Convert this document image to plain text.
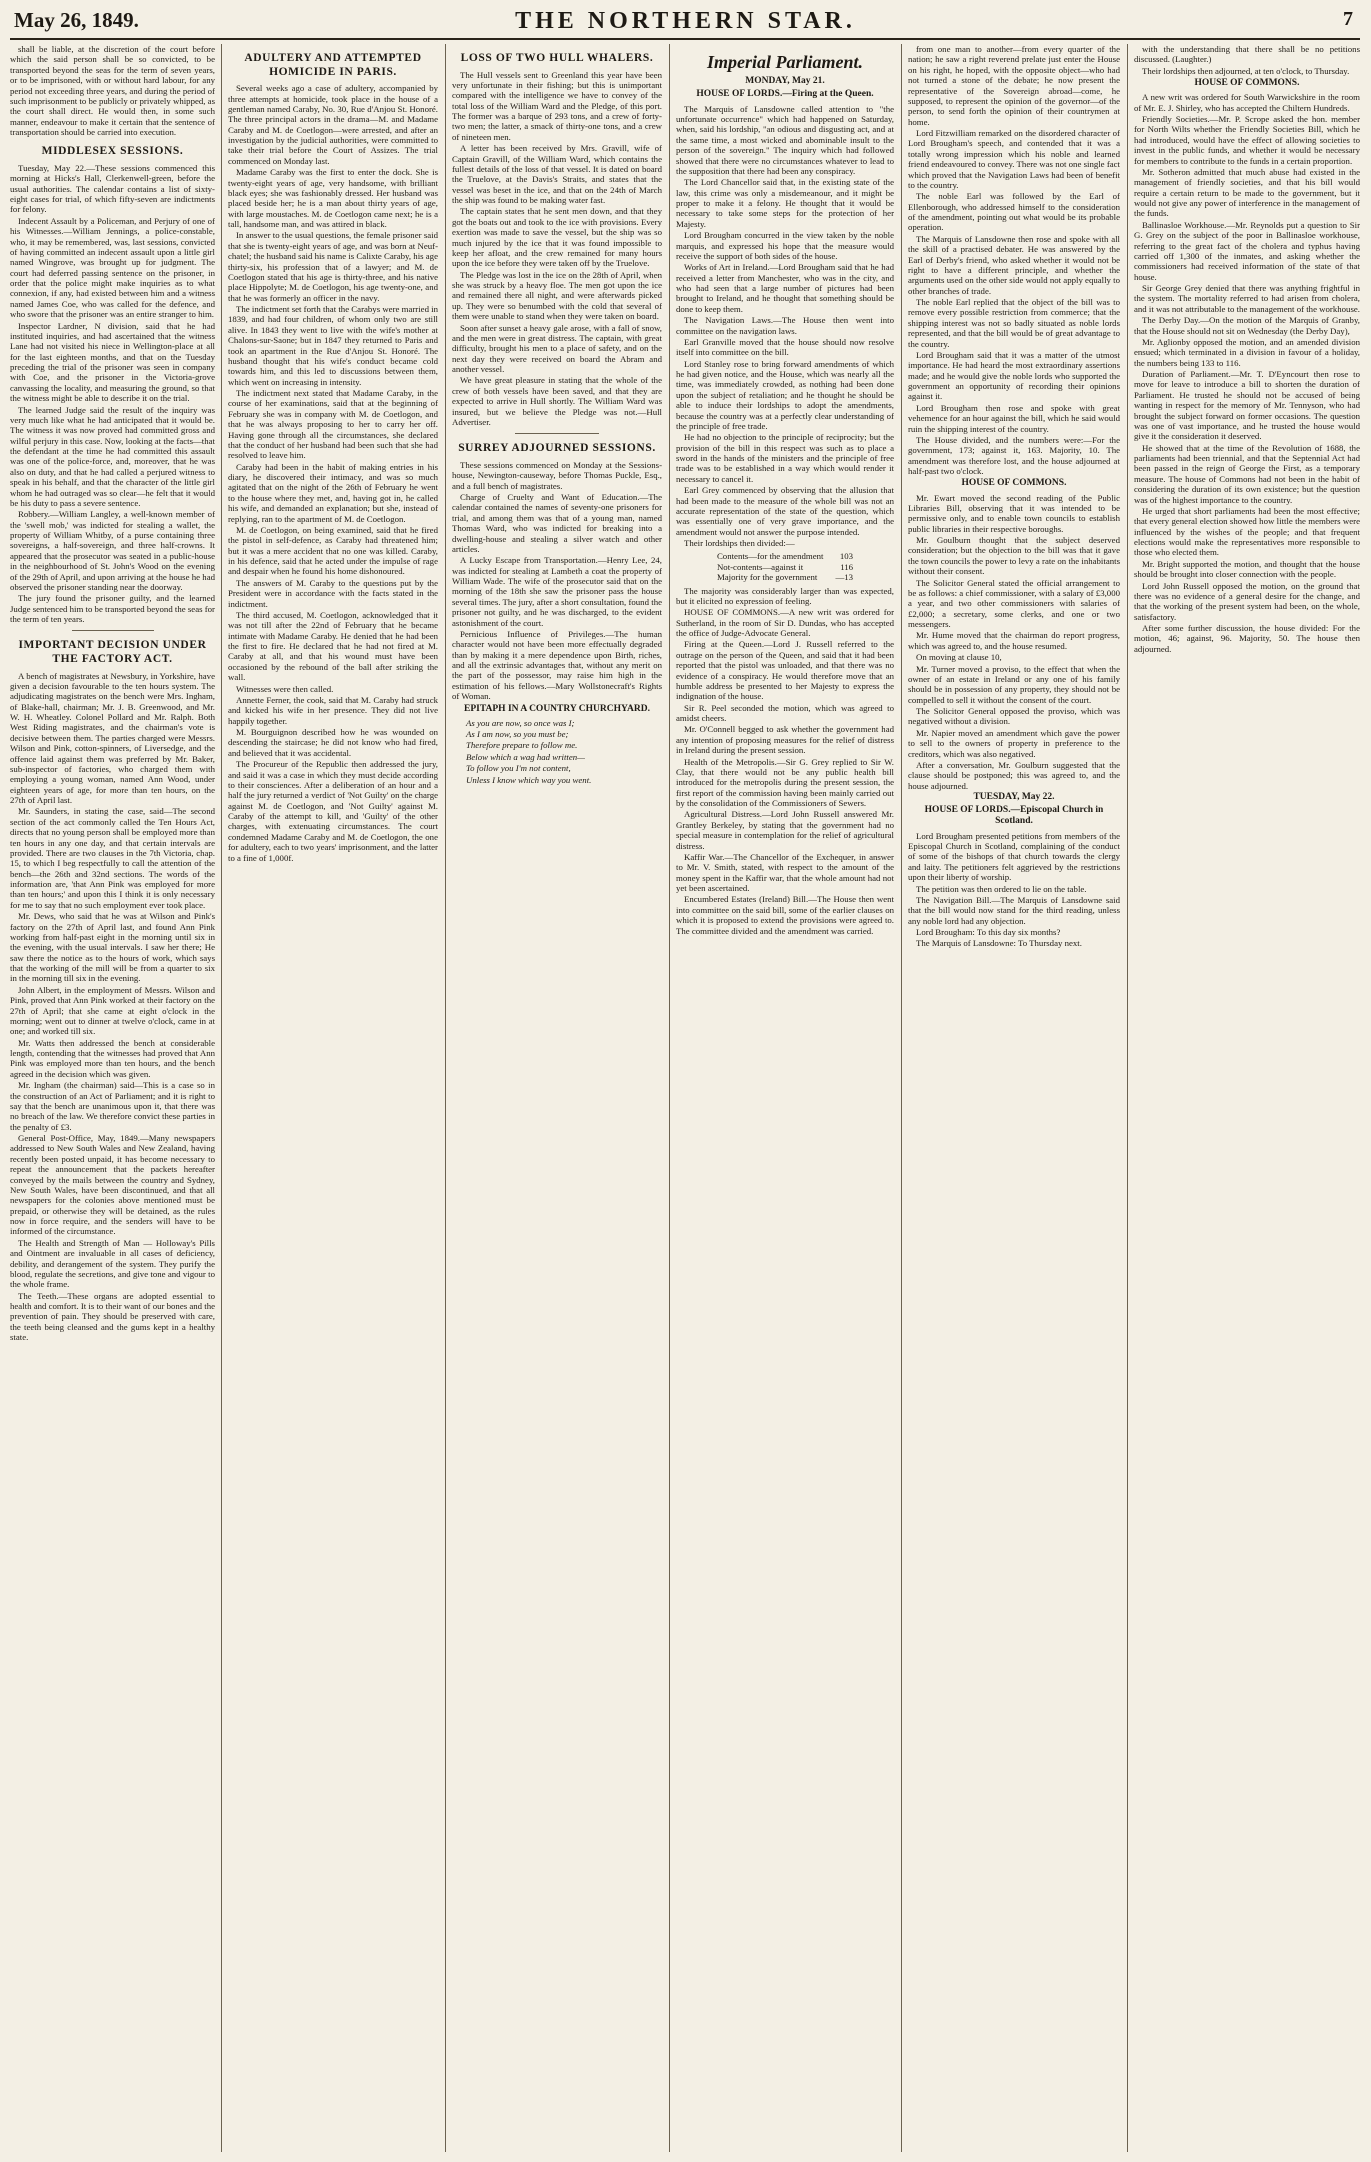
May 26, 1849.	THE NORTHERN STAR.	7

shall be liable, at the discretion of the court before which the said person shall be so convicted, to be transported beyond the seas for the term of seven years, or to be imprisoned, with or without hard labour, for any period not exceeding three years, and during the period of such imprisonment to be publicly or privately whipped, as the court shall direct. He would then, in some such manner, endeavour to make it certain that the sentence of transportation should be carried into execution.

MIDDLESEX SESSIONS.

Tuesday, May 22.—These sessions commenced this morning at Hicks's Hall, Clerkenwell-green, before the usual authorities. The calendar contains a list of sixty-eight cases for trial, of which fifty-seven are indictments for felony.

Indecent Assault by a Policeman, and Perjury of one of his Witnesses.—William Jennings, a police-constable, who, it may be remembered, was, last sessions, convicted of having committed an indecent assault upon a little girl named Wingrove, was brought up for judgment. The court had deferred passing sentence on the prisoner, in order that the police might make inquiries as to what connexion, if any, had existed between him and a witness named James Coe, who was called for the defence, and who swore that the prisoner was an entire stranger to him.

Inspector Lardner, N division, said that he had instituted inquiries, and had ascertained that the witness Lane had not visited his niece in Wellington-place at all for the last eighteen months, and that on the Tuesday preceding the trial of the prisoner was seen in company with Coe, and the prisoner in the Victoria-grove canvassing the locality, and measuring the ground, so that the witness might be able to describe it on the trial.

The learned Judge said the result of the inquiry was very much like what he had anticipated that it would be. The witness it was now proved had committed gross and wilful perjury in this case. Now, looking at the facts—that the defendant at the time he had committed this assault was one of the police-force, and, moreover, that he was also on duty, and that he had called a perjured witness to speak in his behalf, and that the character of the little girl whom he had outraged was so clear—he felt that it would be his duty to pass a severe sentence.

Robbery.—William Langley, a well-known member of the 'swell mob,' was indicted for stealing a wallet, the property of William Whitby, of a purse containing three sovereigns, a half-sovereign, and three half-crowns. It appeared that the prosecutor was seated in a public-house in the neighbourhood of St. John's Wood on the evening of the 29th of April, and upon arriving at the house he had observed the prisoner standing near the doorway.

The jury found the prisoner guilty, and the learned Judge sentenced him to be transported beyond the seas for the term of ten years.

IMPORTANT DECISION UNDER THE FACTORY ACT.

A bench of magistrates at Newsbury, in Yorkshire, have given a decision favourable to the ten hours system. The adjudicating magistrates on the bench were Mrs. Ingham, of Blake-hall, chairman; Mr. J. B. Greenwood, and Mr. W. H. Wheatley. Colonel Pollard and Mr. Ralph. Both West Riding magistrates, and the chairman's vote is decisive between them. The parties charged were Messrs. Wilson and Pink, cotton-spinners, of Liversedge, and the offence laid against them was preferred by Mr. Baker, sub-inspector of factories, who charged them with employing a young woman, named Ann Wood, under eighteen years of age, for more than ten hours, on the 27th of April last.

Mr. Saunders, in stating the case, said—The second section of the act commonly called the Ten Hours Act, directs that no young person shall be employed more than ten hours in any one day, and that certain intervals are provided. There are two clauses in the 7th Victoria, chap. 15, to which I beg respectfully to call the attention of the bench—the 26th and 32nd sections. The words of the information are, 'that Ann Pink was employed for more than ten hours;' and upon this I think it is only necessary for me to say that no such employment ever took place.

Mr. Dews, who said that he was at Wilson and Pink's factory on the 27th of April last, and found Ann Pink working from half-past eight in the morning until six in the evening, with the usual intervals. I saw her there; He saw there the notice as to the hours of work, which says that the working of the mill will be from a quarter to six in the morning till six in the evening.

John Albert, in the employment of Messrs. Wilson and Pink, proved that Ann Pink worked at their factory on the 27th of April; that she came at eight o'clock in the morning; went out to dinner at twelve o'clock, came in at one; and worked till six.

Mr. Watts then addressed the bench at considerable length, contending that the witnesses had proved that Ann Pink was employed more than ten hours, and the bench agreed in the decision which was given.

Mr. Ingham (the chairman) said—This is a case so in the construction of an Act of Parliament; and it is right to say that the bench are unanimous upon it, that there was no breach of the law. We therefore convict these parties in the penalty of £3.

General Post-Office, May, 1849.—Many newspapers addressed to New South Wales and New Zealand, having recently been posted unpaid, it has become necessary to repeat the announcement that the packets hereafter conveyed by the mails between the country and Sydney, New South Wales, have been discontinued, and that all newspapers for the colonies above mentioned must be prepaid, or otherwise they will be detained, as the rules now in force require, and the senders will have to be informed of the circumstance.

The Health and Strength of Man — Holloway's Pills and Ointment are invaluable in all cases of deficiency, debility, and derangement of the system. They purify the blood, regulate the secretions, and give tone and vigour to the whole frame.

The Teeth.—These organs are adopted essential to health and comfort. It is to their want of our bones and the prevention of pain. They should be preserved with care, the teeth being cleansed and the gums kept in a healthy state.

ADULTERY AND ATTEMPTED HOMICIDE IN PARIS.

Several weeks ago a case of adultery, accompanied by three attempts at homicide, took place in the house of a gentleman named Caraby, No. 30, Rue d'Anjou St. Honoré. The three principal actors in the drama—M. and Madame Caraby and M. de Coetlogon—were arrested, and after an investigation by the judicial authorities, were committed to take their trial before the Court of Assizes. The trial commenced on Monday last.

Madame Caraby was the first to enter the dock. She is twenty-eight years of age, very handsome, with brilliant black eyes; she was fashionably dressed. Her husband was placed beside her; he is a man about thirty years of age, with large moustaches. M. de Coetlogon came next; he is a tall, handsome man, and was attired in black.

In answer to the usual questions, the female prisoner said that she is twenty-eight years of age, and was born at Neuf-chatel; the husband said his name is Calixte Caraby, his age thirty-six, his profession that of a lawyer; and M. de Coetlogon stated that his age is thirty-three, and his native place Hippolyte; M. de Coetlogon, his age twenty-one, and that he was formerly an officer in the navy.

The indictment set forth that the Carabys were married in 1839, and had four children, of whom only two are still alive. In 1843 they went to live with the wife's mother at Chalons-sur-Saone; but in 1847 they returned to Paris and took an apartment in the Rue d'Anjou St. Honoré. The husband thought that his wife's conduct became cold towards him, and this led to discussions between them, which went on increasing in intensity.

The indictment next stated that Madame Caraby, in the course of her examinations, said that at the beginning of February she was in company with M. de Coetlogon, and that he was always proposing to her to carry her off. Having gone through all the circumstances, she declared that the conduct of her husband had been such that she had resolved to leave him.

Caraby had been in the habit of making entries in his diary, he discovered their intimacy, and was so much agitated that on the night of the 26th of February he went to the house where they met, and, having got in, he called his wife, and demanded an explanation; but she, instead of replying, ran to the apartment of M. de Coetlogon.

M. de Coetlogon, on being examined, said that he fired the pistol in self-defence, as Caraby had threatened him; but it was a mere accident that no one was killed. Caraby, in his defence, said that he acted under the impulse of rage and despair when he found his home dishonoured.

The answers of M. Caraby to the questions put by the President were in accordance with the facts stated in the indictment.

The third accused, M. Coetlogon, acknowledged that it was not till after the 22nd of February that he became intimate with Madame Caraby. He denied that he had been the first to fire. He declared that he had not fired at M. Caraby at all, and that his wound must have been occasioned by the rebound of the ball after striking the wall.

Witnesses were then called.

Annette Ferner, the cook, said that M. Caraby had struck and kicked his wife in her presence. They did not live happily together.

M. Bourguignon described how he was wounded on descending the staircase; he did not know who had fired, and believed that it was accidental.

The Procureur of the Republic then addressed the jury, and said it was a case in which they must decide according to their consciences. After a deliberation of an hour and a half the jury returned a verdict of 'Not Guilty' on the charge against M. de Coetlogon, and 'Not Guilty' against M. Caraby of the attempt to kill, and 'Guilty' of the other charges, with extenuating circumstances. The court condemned Madame Caraby and M. de Coetlogon, the one for adultery, each to two years' imprisonment, and the latter to a fine of 1,000f.

LOSS OF TWO HULL WHALERS.

The Hull vessels sent to Greenland this year have been very unfortunate in their fishing; but this is unimportant compared with the intelligence we have to convey of the total loss of the William Ward and the Pledge, of this port. The former was a barque of 293 tons, and a crew of forty-two men; the latter, a smack of thirty-one tons, and a crew of nineteen men.

A letter has been received by Mrs. Gravill, wife of Captain Gravill, of the William Ward, which contains the fullest details of the loss of that vessel. It is dated on board the Truelove, at the Davis's Straits, and states that the vessel was beset in the ice, and that on the 24th of March the ship was found to be making water fast.

The captain states that he sent men down, and that they got the boats out and took to the ice with provisions. Every exertion was made to save the vessel, but the ship was so much injured by the ice that it was found impossible to keep her afloat, and the crew remained for many hours upon the ice before they were taken off by the Truelove.

The Pledge was lost in the ice on the 28th of April, when she was struck by a heavy floe. The men got upon the ice and remained there all night, and were afterwards picked up. They were so benumbed with the cold that several of them were unable to stand when they were taken on board.

Soon after sunset a heavy gale arose, with a fall of snow, and the men were in great distress. The captain, with great difficulty, brought his men to a place of safety, and on the next day they were received on board the Abram and another vessel.

We have great pleasure in stating that the whole of the crew of both vessels have been saved, and that they are expected to arrive in Hull shortly. The William Ward was insured, but we believe the Pledge was not.—Hull Advertiser.

SURREY ADJOURNED SESSIONS.

These sessions commenced on Monday at the Sessions-house, Newington-causeway, before Thomas Puckle, Esq., and a full bench of magistrates.

Charge of Cruelty and Want of Education.—The calendar contained the names of seventy-one prisoners for trial, and among them was that of a young man, named Thomas Ward, who was indicted for breaking into a dwelling-house and stealing a silver watch and other articles.

A Lucky Escape from Transportation.—Henry Lee, 24, was indicted for stealing at Lambeth a coat the property of William Wade. The wife of the prosecutor said that on the morning of the 18th she saw the prisoner pass the house several times. The jury, after a short consultation, found the prisoner not guilty, and he was discharged, to the evident astonishment of the court.

Pernicious Influence of Privileges.—The human character would not have been more effectually degraded than by making it a mere dependence upon Birth, riches, and all the extrinsic advantages that, without any merit on the part of the possessor, may raise him high in the estimation of his fellows.—Mary Wollstonecraft's Rights of Woman.

EPITAPH IN A COUNTRY CHURCHYARD.

As you are now, so once was I;

As I am now, so you must be;

Therefore prepare to follow me.

Below which a wag had written—

To follow you I'm not content,

Unless I know which way you went.

Imperial Parliament.
MONDAY, May 21.
HOUSE OF LORDS.—Firing at the Queen.

The Marquis of Lansdowne called attention to "the unfortunate occurrence" which had happened on Saturday, when, said his lordship, "an odious and disgusting act, and at the same time, a most wicked and abominable insult to the person of the sovereign." The inquiry which had followed showed that there were no circumstances whatever to lead to the supposition that there had been any conspiracy.

The Lord Chancellor said that, in the existing state of the law, this crime was only a misdemeanour, and it might be proper to make it a felony. He thought that it would be necessary to take some steps for the protection of her Majesty.

Lord Brougham concurred in the view taken by the noble marquis, and expressed his hope that the measure would receive the support of both sides of the house.

Works of Art in Ireland.—Lord Brougham said that he had received a letter from Manchester, who was in the city, and who had seen that a large number of pictures had been brought to Ireland, and he thought that something should be done to keep them.

The Navigation Laws.—The House then went into committee on the navigation laws.

Earl Granville moved that the house should now resolve itself into committee on the bill.

Lord Stanley rose to bring forward amendments of which he had given notice, and the House, which was nearly all the time, was immediately crowded, as nothing had been done upon the subject of retaliation; and he thought he should be able to induce their lordships to adopt the amendments, because the country was at a perfectly clear understanding of the principle of free trade.

He had no objection to the principle of reciprocity; but the provision of the bill in this respect was such as to place a sword in the hands of the ministers and the principle of free trade was to be established in a way which would render it necessary to cancel it.

Earl Grey commenced by observing that the allusion that had been made to the measure of the whole bill was not an accurate representation of the state of the question, which was essentially one of very grave importance, and the amendment would not answer the purpose intended.

Their lordships then divided:—

Contents—for the amendment	103
Not-contents—against it	116
Majority for the government	—13

The majority was considerably larger than was expected, but it elicited no expression of feeling.

HOUSE OF COMMONS.—A new writ was ordered for Sutherland, in the room of Sir D. Dundas, who has accepted the office of Judge-Advocate General.

Firing at the Queen.—Lord J. Russell referred to the outrage on the person of the Queen, and said that it had been reported that the pistol was unloaded, and that there was no evidence of a conspiracy. He would therefore move that an humble address be presented to her Majesty to express the indignation of the house.

Sir R. Peel seconded the motion, which was agreed to amidst cheers.

Mr. O'Connell begged to ask whether the government had any intention of proposing measures for the relief of distress in Ireland during the present session.

Health of the Metropolis.—Sir G. Grey replied to Sir W. Clay, that there would not be any public health bill introduced for the metropolis during the present session, the first report of the commission having been mainly carried out by the consolidation of the Commissioners of Sewers.

Agricultural Distress.—Lord John Russell answered Mr. Grantley Berkeley, by stating that the government had no special measure in contemplation for the relief of agricultural distress.

Kaffir War.—The Chancellor of the Exchequer, in answer to Mr. V. Smith, stated, with respect to the amount of the money spent in the Kaffir war, that the whole amount had not yet been ascertained.

Encumbered Estates (Ireland) Bill.—The House then went into committee on the said bill, some of the earlier clauses on which it is proposed to extend the provisions were agreed to. The committee divided and the amendment was carried.

from one man to another—from every quarter of the nation; he saw a right reverend prelate just enter the House on his right, he hoped, with the opposite object—who had not turned a stone of the debate; he now present the representative of the Sovereign abroad—come, he supposed, to represent the opinion of the governor—of the person, to send forth the opinion of their countrymen at home.

Lord Fitzwilliam remarked on the disordered character of Lord Brougham's speech, and contended that it was a totally wrong impression which his noble and learned friend endeavoured to convey. There was not one single fact which proved that the Navigation Laws had been of benefit to the country.

The noble Earl was followed by the Earl of Ellenborough, who addressed himself to the consideration of the amendment, pointing out what would be its probable operation.

The Marquis of Lansdowne then rose and spoke with all the skill of a practised debater. He was answered by the Earl of Derby's friend, who asked whether it would not be right to have a different principle, and whether the arguments used on the other side would not apply equally to other branches of trade.

The noble Earl replied that the object of the bill was to remove every possible restriction from commerce; that the shipping interest was not so badly situated as noble lords represented, and that the bill would be of great advantage to the country.

Lord Brougham said that it was a matter of the utmost importance. He had heard the most extraordinary assertions made; and he would give the noble lords who supported the government an opportunity of recording their opinions against it.

Lord Brougham then rose and spoke with great vehemence for an hour against the bill, which he said would ruin the shipping interest of the country.

The House divided, and the numbers were:—For the government, 173; against it, 163. Majority, 10. The amendment was therefore lost, and the house adjourned at half-past two o'clock.

HOUSE OF COMMONS.

Mr. Ewart moved the second reading of the Public Libraries Bill, observing that it was intended to be permissive only, and to enable town councils to establish public libraries in their respective boroughs.

Mr. Goulburn thought that the subject deserved consideration; but the objection to the bill was that it gave the town councils the power to levy a rate on the inhabitants without their consent.

The Solicitor General stated the official arrangement to be as follows: a chief commissioner, with a salary of £3,000 a year, and two other commissioners with salaries of £2,000; a secretary, some clerks, and one or two messengers.

Mr. Hume moved that the chairman do report progress, which was agreed to, and the house resumed.

On moving at clause 10,

Mr. Turner moved a proviso, to the effect that when the owner of an estate in Ireland or any one of his family should be in possession of any property, they should not be compelled to sell it without the consent of the court.

The Solicitor General opposed the proviso, which was negatived without a division.

Mr. Napier moved an amendment which gave the power to sell to the owners of property in preference to the creditors, which was also negatived.

After a conversation, Mr. Goulburn suggested that the clause should be postponed; this was agreed to, and the house adjourned.

TUESDAY, May 22.
HOUSE OF LORDS.—Episcopal Church in Scotland.

Lord Brougham presented petitions from members of the Episcopal Church in Scotland, complaining of the conduct of some of the bishops of that church towards the clergy and laity. The petitioners felt aggrieved by the restrictions upon their liberty of worship.

The petition was then ordered to lie on the table.

The Navigation Bill.—The Marquis of Lansdowne said that the bill would now stand for the third reading, unless any noble lord had any objection.

Lord Brougham: To this day six months?

The Marquis of Lansdowne: To Thursday next.

with the understanding that there shall be no petitions discussed. (Laughter.)

Their lordships then adjourned, at ten o'clock, to Thursday.

HOUSE OF COMMONS.

A new writ was ordered for South Warwickshire in the room of Mr. E. J. Shirley, who has accepted the Chiltern Hundreds.

Friendly Societies.—Mr. P. Scrope asked the hon. member for North Wilts whether the Friendly Societies Bill, which he had introduced, would have the effect of allowing societies to invest in the public funds, and whether it would be necessary for members to contribute to the funds in a certain proportion.

Mr. Sotheron admitted that much abuse had existed in the management of friendly societies, and that his bill would require a certain return to be made to the government, but it would not give any power of interference in the management of the funds.

Ballinasloe Workhouse.—Mr. Reynolds put a question to Sir G. Grey on the subject of the poor in Ballinasloe workhouse, referring to the great fact of the cholera and typhus having carried off 1,300 of the inmates, and asking whether the commissioners had received information of the state of that house.

Sir George Grey denied that there was anything frightful in the system. The mortality referred to had arisen from cholera, and it was not attributable to the management of the workhouse.

The Derby Day.—On the motion of the Marquis of Granby, that the House should not sit on Wednesday (the Derby Day),

Mr. Aglionby opposed the motion, and an amended division ensued; which terminated in a division in favour of a holiday, the numbers being 133 to 116.

Duration of Parliament.—Mr. T. D'Eyncourt then rose to move for leave to introduce a bill to shorten the duration of Parliament. He trusted he should not be accused of being wanting in respect for the memory of Mr. Tennyson, who had brought the subject forward on former occasions. The question was one of vast importance, and he trusted the house would give it the consideration it deserved.

He showed that at the time of the Revolution of 1688, the parliaments had been triennial, and that the Septennial Act had been passed in the reign of George the First, as a temporary measure. The house of Commons had not been in the habit of considering the duration of its own existence; but the question was of the highest importance to the country.

He urged that short parliaments had been the most effective; that every general election showed how little the members were influenced by the wishes of the people; and that frequent elections would make the representatives more responsible to those who elected them.

Mr. Bright supported the motion, and thought that the house should be brought into closer connection with the people.

Lord John Russell opposed the motion, on the ground that there was no evidence of a general desire for the change, and that the working of the present system had been, on the whole, satisfactory.

After some further discussion, the house divided: For the motion, 46; against, 96. Majority, 50. The house then adjourned.
